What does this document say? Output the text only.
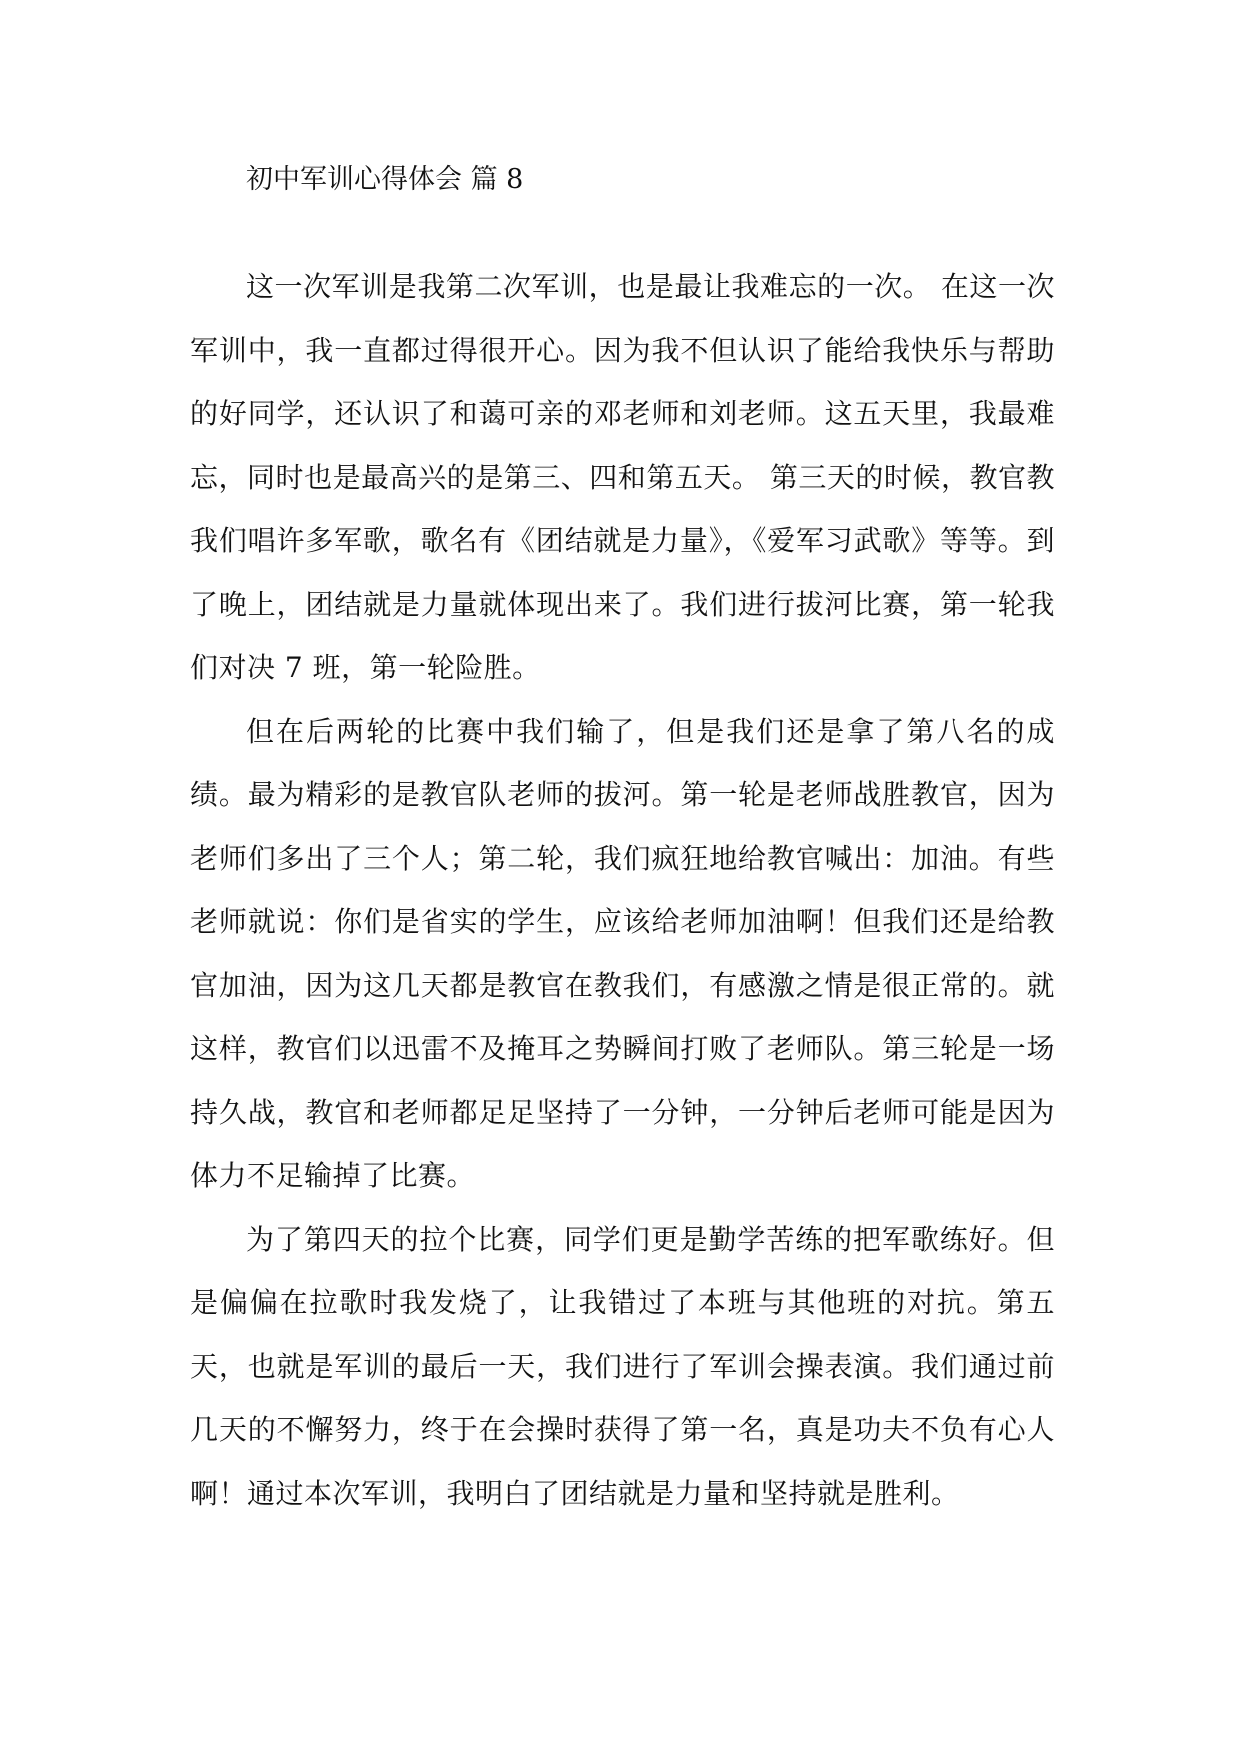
初中军训心得体会 篇 8

这一次军训是我第二次军训，也是最让我难忘的一次。 在这一次军训中，我一直都过得很开心。因为我不但认识了能给我快乐与帮助的好同学，还认识了和蔼可亲的邓老师和刘老师。这五天里，我最难忘，同时也是最高兴的是第三、四和第五天。 第三天的时候，教官教我们唱许多军歌，歌名有《团结就是力量》，《爱军习武歌》等等。到了晚上，团结就是力量就体现出来了。我们进行拔河比赛，第一轮我们对决 7 班，第一轮险胜。

但在后两轮的比赛中我们输了，但是我们还是拿了第八名的成绩。最为精彩的是教官队老师的拔河。第一轮是老师战胜教官，因为老师们多出了三个人；第二轮，我们疯狂地给教官喊出：加油。有些老师就说：你们是省实的学生，应该给老师加油啊！但我们还是给教官加油，因为这几天都是教官在教我们，有感激之情是很正常的。就这样，教官们以迅雷不及掩耳之势瞬间打败了老师队。第三轮是一场持久战，教官和老师都足足坚持了一分钟，一分钟后老师可能是因为体力不足输掉了比赛。

为了第四天的拉个比赛，同学们更是勤学苦练的把军歌练好。但是偏偏在拉歌时我发烧了，让我错过了本班与其他班的对抗。第五天，也就是军训的最后一天，我们进行了军训会操表演。我们通过前几天的不懈努力，终于在会操时获得了第一名，真是功夫不负有心人啊！通过本次军训，我明白了团结就是力量和坚持就是胜利。
